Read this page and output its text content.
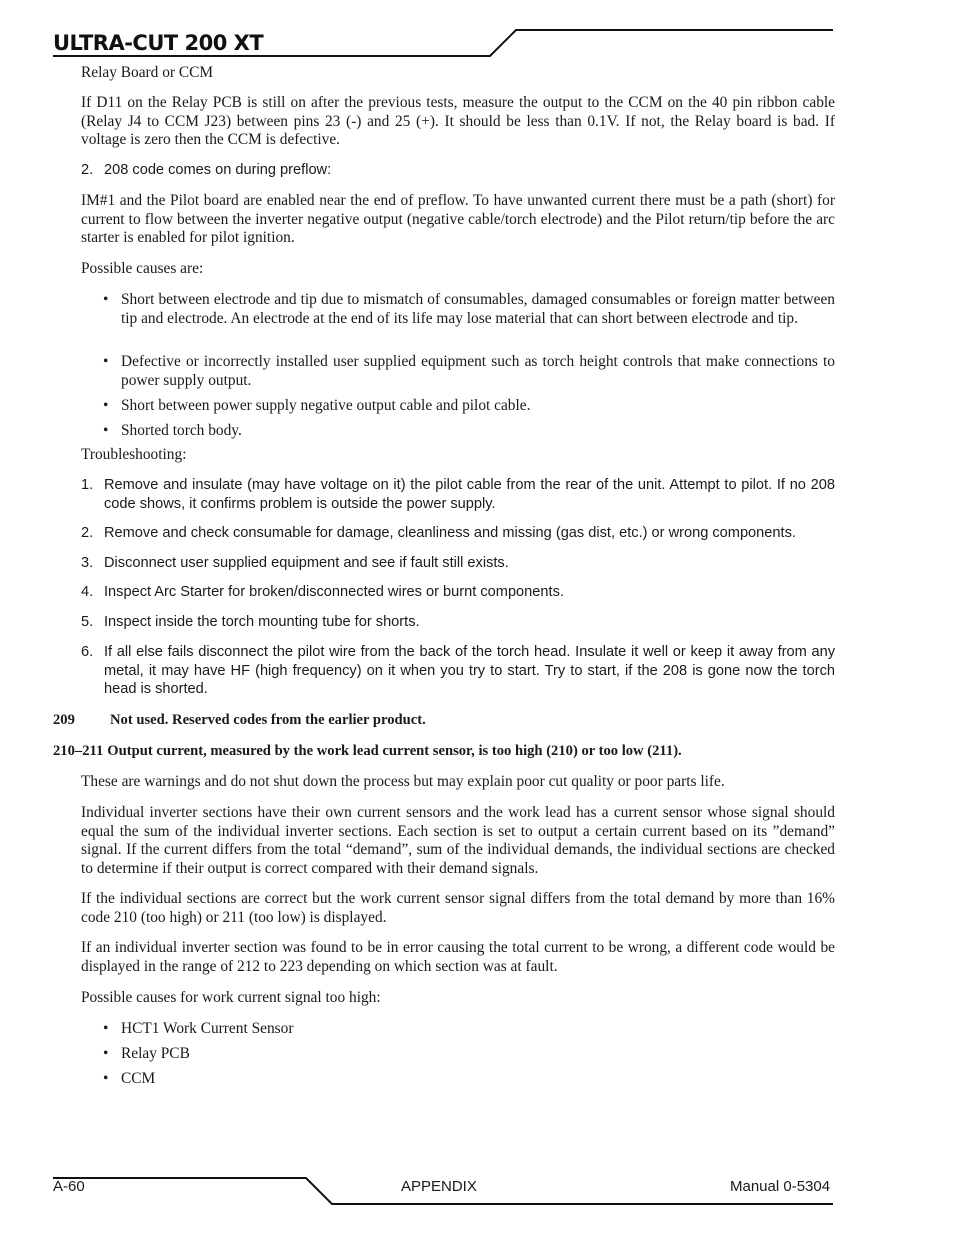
ULTRA-CUT 200 XT

Relay Board or CCM

If D11 on the Relay PCB is still on after the previous tests, measure the output to the CCM on the 40 pin ribbon cable (Relay J4 to CCM J23) between pins 23 (-) and 25 (+). It should be less than 0.1V. If not, the Relay board is bad. If voltage is zero then the CCM is defective.

2. 208 code comes on during preflow:

IM#1 and the Pilot board are enabled near the end of preflow. To have unwanted current there must be a path (short) for current to flow between the inverter negative output (negative cable/torch electrode) and the Pilot return/tip before the arc starter is enabled for pilot ignition.

Possible causes are:

• Short between electrode and tip due to mismatch of consumables, damaged consumables or foreign matter between tip and electrode. An electrode at the end of its life may lose material that can short between electrode and tip.
• Defective or incorrectly installed user supplied equipment such as torch height controls that make connections to power supply output.
• Short between power supply negative output cable and pilot cable.
• Shorted torch body.

Troubleshooting:

1. Remove and insulate (may have voltage on it) the pilot cable from the rear of the unit. Attempt to pilot. If no 208 code shows, it confirms problem is outside the power supply.
2. Remove and check consumable for damage, cleanliness and missing (gas dist, etc.) or wrong components.
3. Disconnect user supplied equipment and see if fault still exists.
4. Inspect Arc Starter for broken/disconnected wires or burnt components.
5. Inspect inside the torch mounting tube for shorts.
6. If all else fails disconnect the pilot wire from the back of the torch head. Insulate it well or keep it away from any metal, it may have HF (high frequency) on it when you try to start. Try to start, if the 208 is gone now the torch head is shorted.
209 Not used. Reserved codes from the earlier product.
210–211 Output current, measured by the work lead current sensor, is too high (210) or too low (211).

These are warnings and do not shut down the process but may explain poor cut quality or poor parts life.

Individual inverter sections have their own current sensors and the work lead has a current sensor whose signal should equal the sum of the individual inverter sections. Each section is set to output a certain current based on its ”demand” signal. If the current differs from the total “demand”, sum of the individual demands, the individual sections are checked to determine if their output is correct compared with their demand signals.

If the individual sections are correct but the work current sensor signal differs from the total demand by more than 16% code 210 (too high) or 211 (too low) is displayed.

If an individual inverter section was found to be in error causing the total current to be wrong, a different code would be displayed in the range of 212 to 223 depending on which section was at fault.

Possible causes for work current signal too high:

• HCT1 Work Current Sensor
• Relay PCB
• CCM
A-60	APPENDIX	Manual 0-5304
